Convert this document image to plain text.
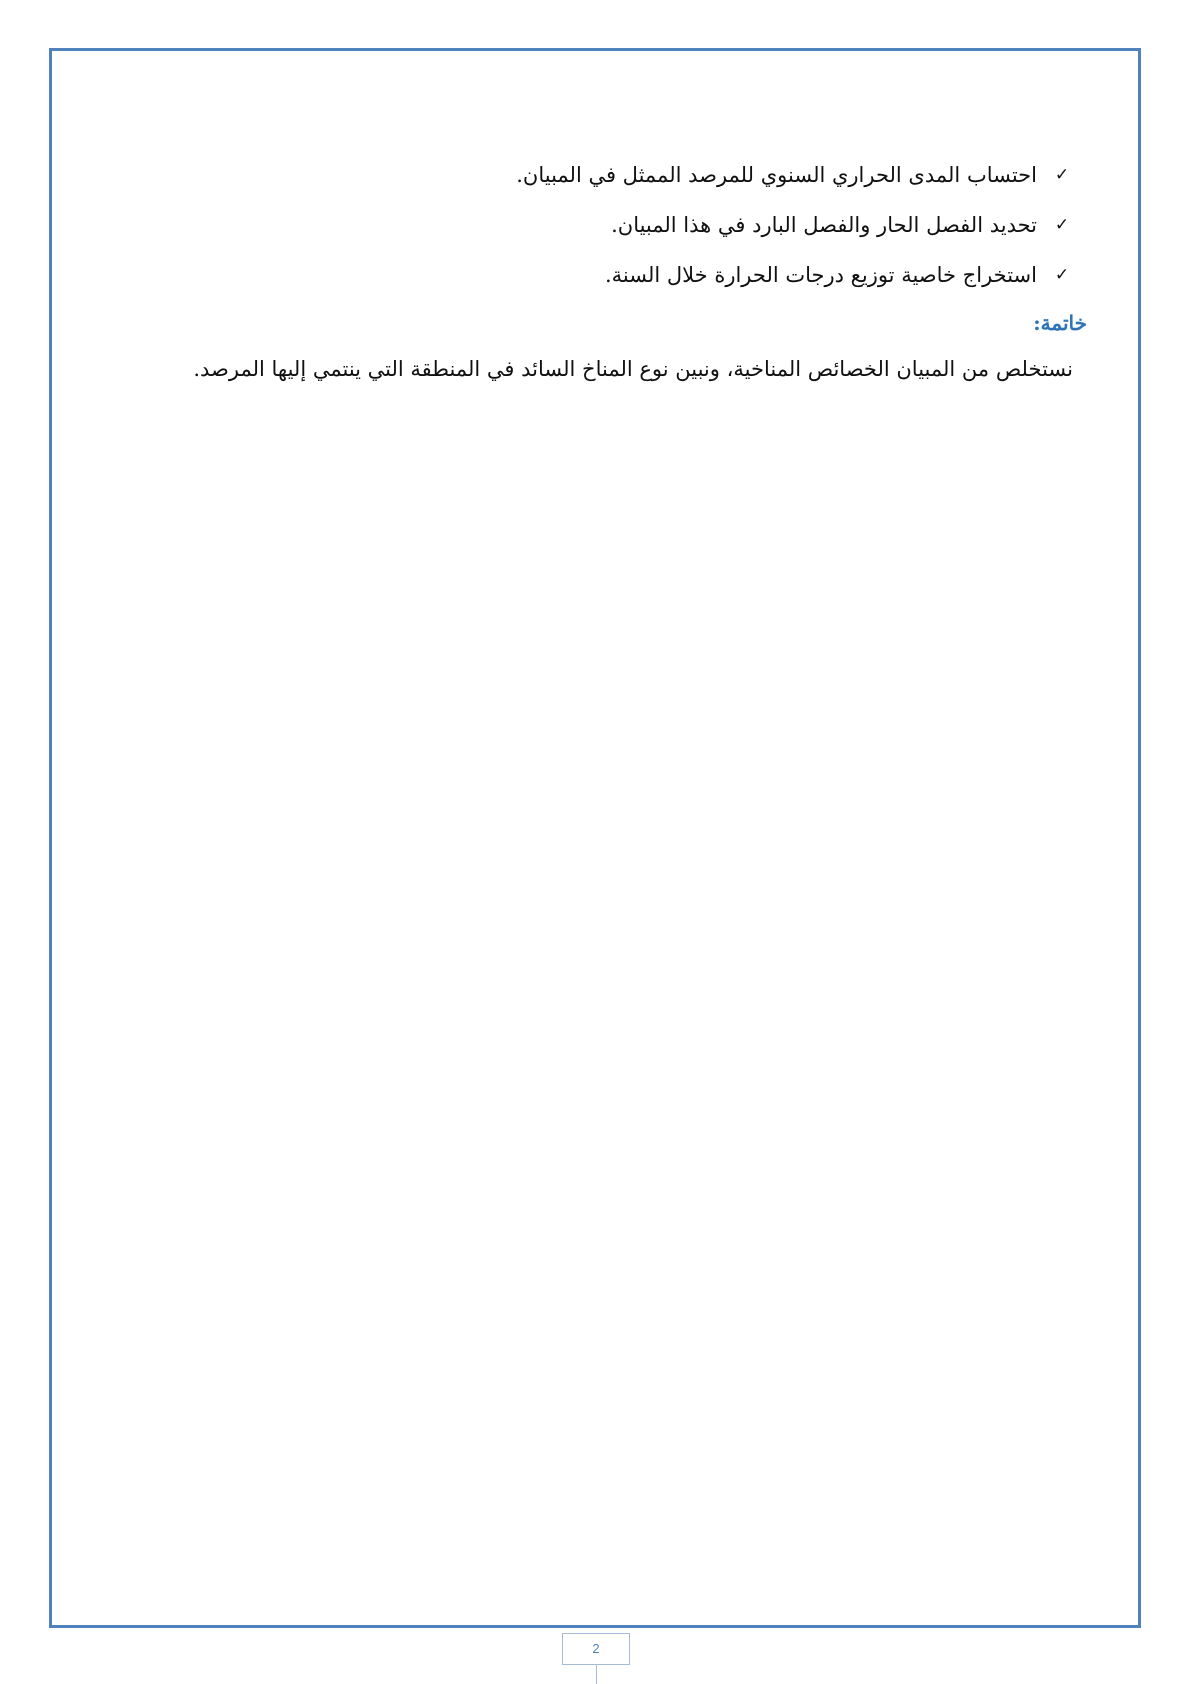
✓
احتساب المدى الحراري السنوي للمرصد الممثل في المبيان.
✓
تحديد الفصل الحار والفصل البارد في هذا المبيان.
✓
استخراج خاصية توزيع درجات الحرارة خلال السنة.
خاتمة:

نستخلص من المبيان الخصائص المناخية، ونبين نوع المناخ السائد في المنطقة التي ينتمي إليها المرصد.

2
